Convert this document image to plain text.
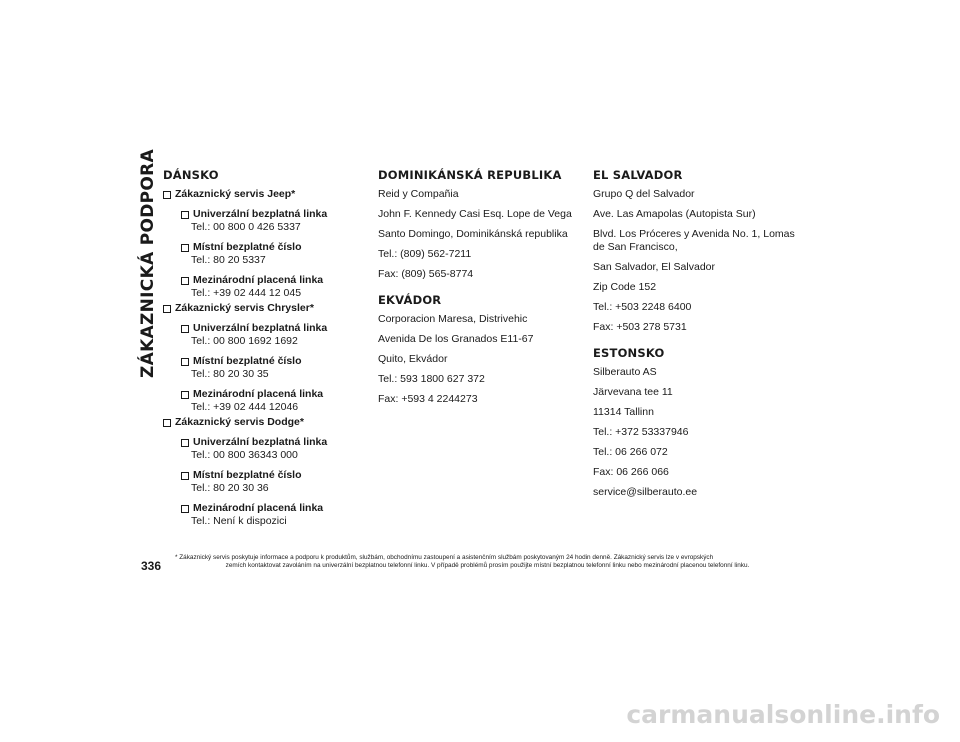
ZÁKAZNICKÁ PODPORA
336
DÁNSKO
Zákaznický servis Jeep*
Univerzální bezplatná linka
Tel.: 00 800 0 426 5337
Místní bezplatné číslo
Tel.: 80 20 5337
Mezinárodní placená linka
Tel.: +39 02 444 12 045
Zákaznický servis Chrysler*
Univerzální bezplatná linka
Tel.: 00 800 1692 1692
Místní bezplatné číslo
Tel.: 80 20 30 35
Mezinárodní placená linka
Tel.: +39 02 444 12046
Zákaznický servis Dodge*
Univerzální bezplatná linka
Tel.: 00 800 36343 000
Místní bezplatné číslo
Tel.: 80 20 30 36
Mezinárodní placená linka
Tel.: Není k dispozici
DOMINIKÁNSKÁ REPUBLIKA

Reid y Compañia

John F. Kennedy Casi Esq. Lope de Vega

Santo Domingo, Dominikánská republika

Tel.: (809) 562-7211

Fax: (809) 565-8774

EKVÁDOR

Corporacion Maresa, Distrivehic

Avenida De los Granados E11-67

Quito, Ekvádor

Tel.: 593 1800 627 372

Fax: +593 4 2244273

EL SALVADOR

Grupo Q del Salvador

Ave. Las Amapolas (Autopista Sur)

Blvd. Los Próceres y Avenida No. 1, Lomas de San Francisco,

San Salvador, El Salvador

Zip Code 152

Tel.: +503 2248 6400

Fax: +503 278 5731

ESTONSKO

Silberauto AS

Järvevana tee 11

11314 Tallinn

Tel.: +372 53337946

Tel.: 06 266 072

Fax: 06 266 066

service@silberauto.ee

* Zákaznický servis poskytuje informace a podporu k produktům, službám, obchodnímu zastoupení a asistenčním službám poskytovaným 24 hodin denně. Zákaznický servis lze v evropských
zemích kontaktovat zavoláním na univerzální bezplatnou telefonní linku. V případě problémů prosím použijte místní bezplatnou telefonní linku nebo mezinárodní placenou telefonní linku.
carmanualsonline.info
